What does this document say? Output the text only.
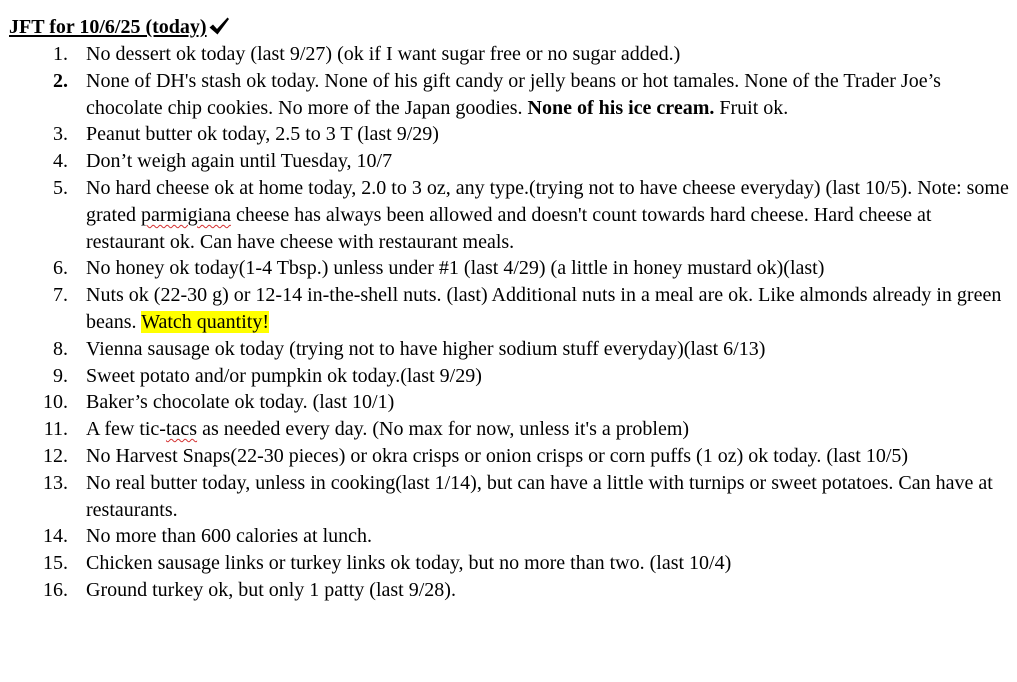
JFT for 10/6/25 (today)
1. No dessert ok today (last 9/27) (ok if I want sugar free or no sugar added.)
2. None of DH's stash ok today. None of his gift candy or jelly beans or hot tamales. None of the Trader Joe’s chocolate chip cookies. No more of the Japan goodies. None of his ice cream. Fruit ok.
3. Peanut butter ok today, 2.5 to 3 T (last 9/29)
4. Don’t weigh again until Tuesday, 10/7
5. No hard cheese ok at home today, 2.0 to 3 oz, any type.(trying not to have cheese everyday) (last 10/5). Note: some grated parmigiana cheese has always been allowed and doesn't count towards hard cheese. Hard cheese at restaurant ok. Can have cheese with restaurant meals.
6. No honey ok today(1-4 Tbsp.) unless under #1 (last 4/29) (a little in honey mustard ok)(last)
7. Nuts ok (22-30 g) or 12-14 in-the-shell nuts. (last) Additional nuts in a meal are ok. Like almonds already in green beans. Watch quantity!
8. Vienna sausage ok today (trying not to have higher sodium stuff everyday)(last 6/13)
9. Sweet potato and/or pumpkin ok today.(last 9/29)
10. Baker’s chocolate ok today. (last 10/1)
11. A few tic-tacs as needed every day. (No max for now, unless it's a problem)
12. No Harvest Snaps(22-30 pieces) or okra crisps or onion crisps or corn puffs (1 oz) ok today. (last 10/5)
13. No real butter today, unless in cooking(last 1/14), but can have a little with turnips or sweet potatoes. Can have at restaurants.
14. No more than 600 calories at lunch.
15. Chicken sausage links or turkey links ok today, but no more than two. (last 10/4)
16. Ground turkey ok, but only 1 patty (last 9/28).
